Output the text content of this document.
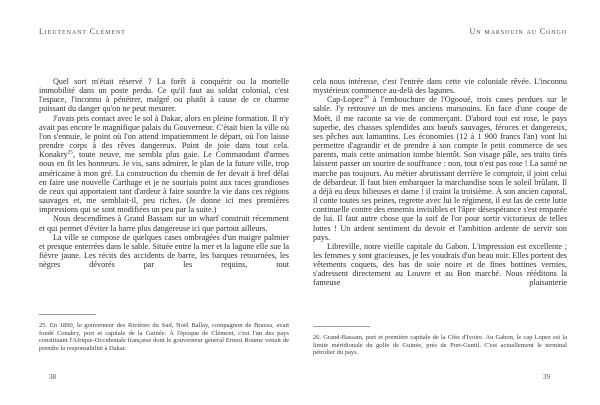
Lieutenant Clément

Quel sort m'était réservé ? La forêt à conquérir ou la mortelle immobilité dans un poste perdu. Ce qu'il faut au soldat colonial, c'est l'espace, l'inconnu à pénétrer, malgré ou plutôt à cause de ce charme puissant du danger qu'on ne peut mesurer.

J'avais pris contact avec le sol à Dakar, alors en pleine formation. Il n'y avait pas encore le magnifique palais du Gouverneur. C'était bien la ville où l'on s'ennuie, le point où l'on attend impatiemment le départ, où l'on laisse prendre corps à des rêves dangereux. Point de joie dans tout cela. Konakry$^{25}$, toute neuve, me sembla plus gaie. Le Commandant d'armes nous en fit les honneurs. Je vis, sans admirer, le plan de la future ville, trop américaine à mon gré. La construction du chemin de fer devait à bref délai en faire une nouvelle Carthage et je ne souriais point aux races grandioses de ceux qui apportaient tant d'ardeur à faire sourdre la vie dans ces régions sauvages et, me semblait-il, peu riches. (Je donne ici mes premières impressions qui se sont modifiées un peu par la suite.)

Nous descendîmes à Grand Bassam sur un wharf construit récemment et qui permet d'éviter la barre plus dangereuse ici que partout ailleurs.

La ville se compose de quelques cases ombragées d'un maigre palmier et presque enterrées dans le sable. Située entre la mer et la lagune elle sue la fièvre jaune. Les récits des accidents de barre, les barques retournées, les nègres dévorés par les requins, tout

25. En 1890, le gouverneur des Rivières du Sud, Noël Ballay, compagnon de Brazza, avait fondé Conakry, port et capitale de la Guinée. À l'époque de Clément, c'est l'un des pays constituant l'Afrique-Occidentale française dont le gouverneur général Ernest Roume venait de prendre la responsabilité à Dakar.

38
Un marsouin au Congo

cela nous intéresse, c'est l'entrée dans cette vie coloniale rêvée. L'inconnu mystérieux commence au-delà des lagunes.

Cap-Lopez$^{26}$ à l'embouchure de l'Ogooué, trois cases perdues sur le sable. J'y retrouve un de mes anciens marsouins. En face d'une coupe de Moët, il me raconte sa vie de commerçant. D'abord tout est rose, le pays superbe, des chasses splendides aux bœufs sauvages, féroces et dangereux, ses pêches aux lamantins. Les économies (12 à 1 900 francs l'an) vont lui permettre d'agrandir et de prendre à son compte le petit commerce de ses parents, mais cette animation tombe bientôt. Son visage pâle, ses traits tirés laissent passer un sourire de souffrance : non, tout n'est pas rose ! La santé ne marche pas toujours. Au métier abrutissant derrière le comptoir, il joint celui de débardeur. Il faut bien embarquer la marchandise sous le soleil brûlant. Il a déjà eu deux bilieuses et dame ! il craint la troisième. À son ancien caporal, il conte toutes ses peines, regrette avec lui le régiment, il est las de cette lutte continuelle contre des ennemis invisibles et l'âpre désespérance s'est emparée de lui. Il faut autre chose que la soif de l'or pour sortir victorieux de telles luttes ! Un ardent sentiment du devoir et l'ambition ardente de servir son pays.

Libreville, notre vieille capitale du Gabon. L'impression est excellente ; les femmes y sont gracieuses, je les voudrais d'un beau noir. Elles portent des vêtements coquets, des bas de soie noire et de fines bottines vernies, s'adressent directement au Louvre et au Bon marché. Nous rééditons la fameuse plaisanterie

26. Grand-Bassam, port et première capitale de la Côte d'Ivoire. Au Gabon, le cap Lopez est la limite méridionale du golfe de Guinée, près de Port-Gentil. C'est actuellement le terminal pétrolier du pays.

39
